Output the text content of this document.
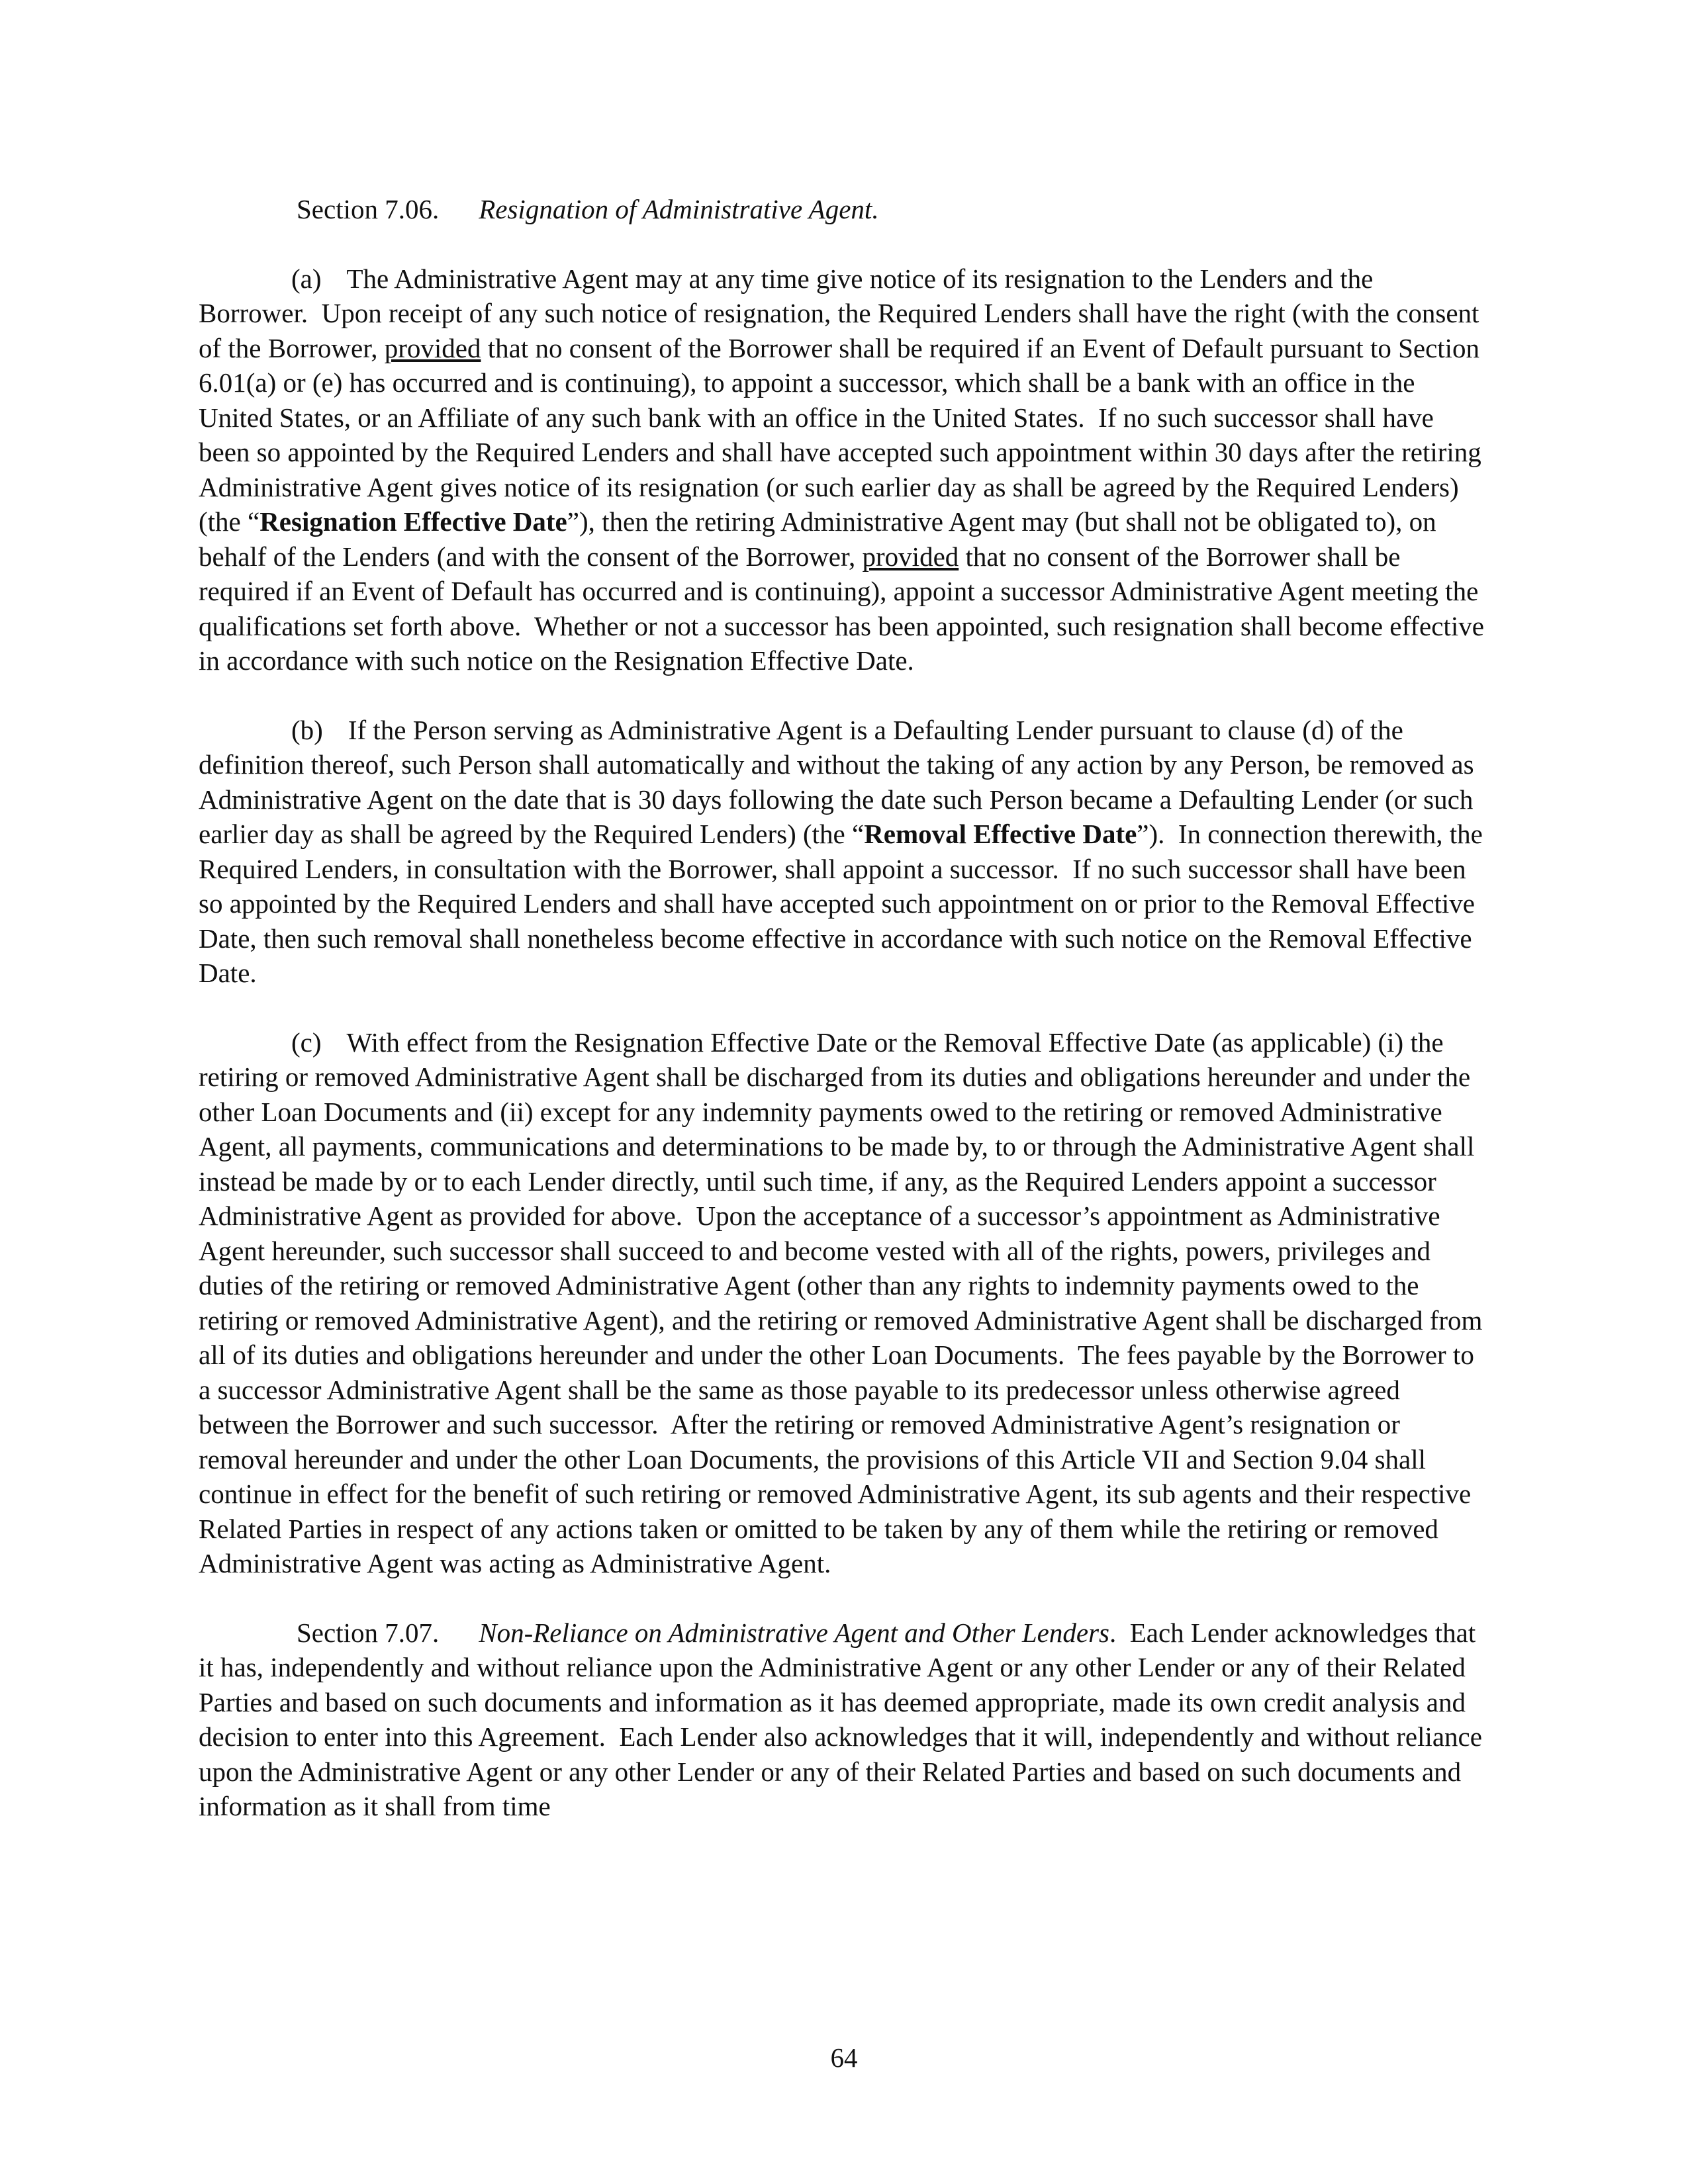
Section 7.06. Resignation of Administrative Agent.

(a) The Administrative Agent may at any time give notice of its resignation to the Lenders and the Borrower.  Upon receipt of any such notice of resignation, the Required Lenders shall have the right (with the consent of the Borrower, provided that no consent of the Borrower shall be required if an Event of Default pursuant to Section 6.01(a) or (e) has occurred and is continuing), to appoint a successor, which shall be a bank with an office in the United States, or an Affiliate of any such bank with an office in the United States.  If no such successor shall have been so appointed by the Required Lenders and shall have accepted such appointment within 30 days after the retiring Administrative Agent gives notice of its resignation (or such earlier day as shall be agreed by the Required Lenders) (the “Resignation Effective Date”), then the retiring Administrative Agent may (but shall not be obligated to), on behalf of the Lenders (and with the consent of the Borrower, provided that no consent of the Borrower shall be required if an Event of Default has occurred and is continuing), appoint a successor Administrative Agent meeting the qualifications set forth above.  Whether or not a successor has been appointed, such resignation shall become effective in accordance with such notice on the Resignation Effective Date.

(b) If the Person serving as Administrative Agent is a Defaulting Lender pursuant to clause (d) of the definition thereof, such Person shall automatically and without the taking of any action by any Person, be removed as Administrative Agent on the date that is 30 days following the date such Person became a Defaulting Lender (or such earlier day as shall be agreed by the Required Lenders) (the “Removal Effective Date”).  In connection therewith, the Required Lenders, in consultation with the Borrower, shall appoint a successor.  If no such successor shall have been so appointed by the Required Lenders and shall have accepted such appointment on or prior to the Removal Effective Date, then such removal shall nonetheless become effective in accordance with such notice on the Removal Effective Date.

(c) With effect from the Resignation Effective Date or the Removal Effective Date (as applicable) (i) the retiring or removed Administrative Agent shall be discharged from its duties and obligations hereunder and under the other Loan Documents and (ii) except for any indemnity payments owed to the retiring or removed Administrative Agent, all payments, communications and determinations to be made by, to or through the Administrative Agent shall instead be made by or to each Lender directly, until such time, if any, as the Required Lenders appoint a successor Administrative Agent as provided for above.  Upon the acceptance of a successor’s appointment as Administrative Agent hereunder, such successor shall succeed to and become vested with all of the rights, powers, privileges and duties of the retiring or removed Administrative Agent (other than any rights to indemnity payments owed to the retiring or removed Administrative Agent), and the retiring or removed Administrative Agent shall be discharged from all of its duties and obligations hereunder and under the other Loan Documents.  The fees payable by the Borrower to a successor Administrative Agent shall be the same as those payable to its predecessor unless otherwise agreed between the Borrower and such successor.  After the retiring or removed Administrative Agent’s resignation or removal hereunder and under the other Loan Documents, the provisions of this Article VII and Section 9.04 shall continue in effect for the benefit of such retiring or removed Administrative Agent, its sub agents and their respective Related Parties in respect of any actions taken or omitted to be taken by any of them while the retiring or removed Administrative Agent was acting as Administrative Agent.

Section 7.07. Non-Reliance on Administrative Agent and Other Lenders.  Each Lender acknowledges that it has, independently and without reliance upon the Administrative Agent or any other Lender or any of their Related Parties and based on such documents and information as it has deemed appropriate, made its own credit analysis and decision to enter into this Agreement.  Each Lender also acknowledges that it will, independently and without reliance upon the Administrative Agent or any other Lender or any of their Related Parties and based on such documents and information as it shall from time

64
